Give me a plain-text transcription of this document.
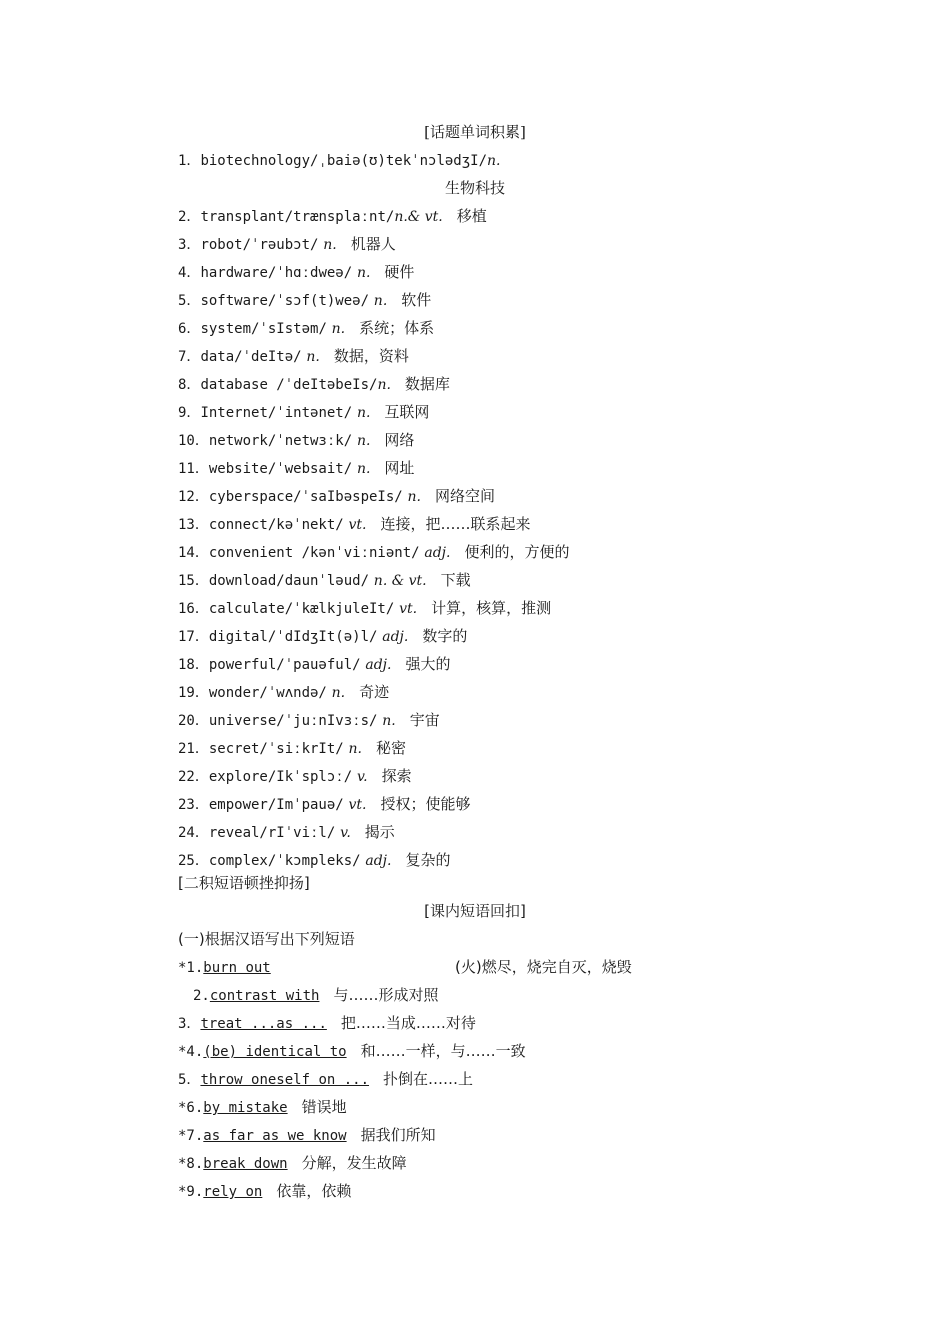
[话题单词积累]
1．biotechnology/ˌbaiə(ʊ)tekˈnɔlədʒI/n.
生物科技
2．transplant/trænsplaːnt/n.& vt. 移植
3．robot/ˈrəubɔt/ n. 机器人
4．hardware/ˈhɑːdweə/ n. 硬件
5．software/ˈsɔf(t)weə/ n. 软件
6．system/ˈsIstəm/ n. 系统；体系
7．data/ˈdeItə/ n. 数据，资料
8．database /ˈdeItəbeIs/n. 数据库
9．Internet/ˈintənet/ n. 互联网
10．network/ˈnetwɜːk/ n. 网络
11．website/ˈwebsait/ n. 网址
12．cyberspace/ˈsaIbəspeIs/ n. 网络空间
13．connect/kəˈnekt/ vt. 连接，把……联系起来
14．convenient /kənˈviːniənt/ adj. 便利的，方便的
15．download/daunˈləud/ n. & vt. 下载
16．calculate/ˈkælkjuleIt/ vt. 计算，核算，推测
17．digital/ˈdIdʒIt(ə)l/ adj. 数字的
18．powerful/ˈpauəful/ adj. 强大的
19．wonder/ˈwʌndə/ n. 奇迹
20．universe/ˈjuːnIvɜːs/ n. 宇宙
21．secret/ˈsiːkrIt/ n. 秘密
22．explore/Ikˈsplɔː/ v. 探索
23．empower/Imˈpauə/ vt. 授权；使能够
24．reveal/rIˈviːl/ v. 揭示
25．complex/ˈkɔmpleks/ adj. 复杂的
[二积短语顿挫抑扬]
[课内短语回扣]
(一)根据汉语写出下列短语
*1.burn out	(火)燃尽，烧完自灭，烧毁
2.contrast with 与……形成对照
3．treat ...as ... 把……当成……对待
*4.(be) identical to 和……一样，与……一致
5．throw oneself on ... 扑倒在……上
*6.by mistake 错误地
*7.as far as we know 据我们所知
*8.break down 分解，发生故障
*9.rely on 依靠，依赖
